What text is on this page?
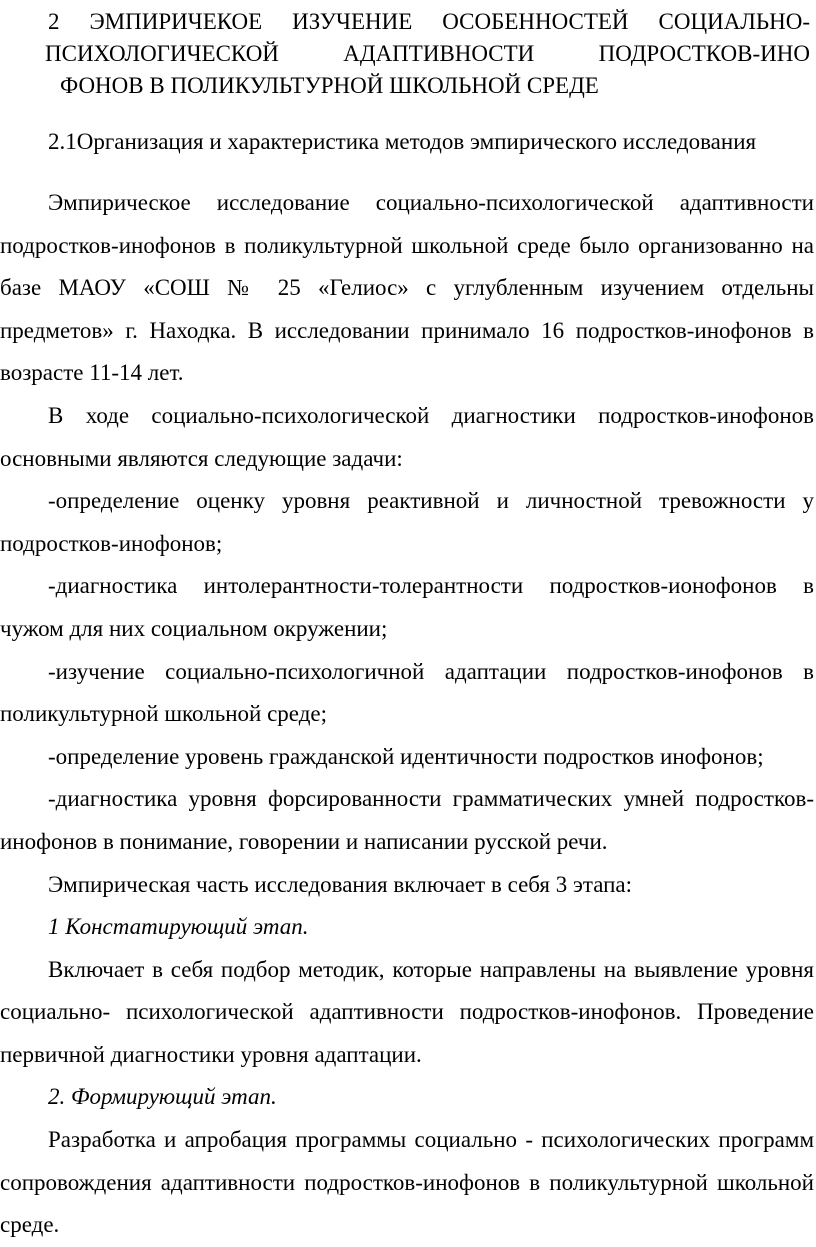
2 ЭМПИРИЧЕКОЕ ИЗУЧЕНИЕ ОСОБЕННОСТЕЙ СОЦИАЛЬНО-
ПСИХОЛОГИЧЕСКОЙ АДАПТИВНОСТИ ПОДРОСТКОВ-ИНО
ФОНОВ В ПОЛИКУЛЬТУРНОЙ ШКОЛЬНОЙ СРЕДЕ
2.1Организация и характеристика методов эмпирического исследования

Эмпирическое исследование социально-психологической адаптивности подростков-инофонов в поликультурной школьной среде было организованно на базе МАОУ «СОШ № 25 «Гелиос» с углубленным изучением отдельны предметов» г. Находка. В исследовании принимало 16 подростков-инофонов в возрасте 11-14 лет.

В ходе социально-психологической диагностики подростков-инофонов основными являются следующие задачи:

-определение оценку уровня реактивной и личностной тревожности у подростков-инофонов;

-диагностика интолерантности-толерантности подростков-ионофонов в чужом для них социальном окружении;

-изучение социально-психологичной адаптации подростков-инофонов в поликультурной школьной среде;

-определение уровень гражданской идентичности подростков инофонов;

-диагностика уровня форсированности грамматических умней подростков-инофонов в понимание, говорении и написании русской речи.

Эмпирическая часть исследования включает в себя 3 этапа:

1 Констатирующий этап.

Включает в себя подбор методик, которые направлены на выявление уровня социально- психологической адаптивности подростков-инофонов. Проведение первичной диагностики уровня адаптации.

2. Формирующий этап.

Разработка и апробация программы социально - психологических программ сопровождения адаптивности подростков-инофонов в поликультурной школьной среде.
